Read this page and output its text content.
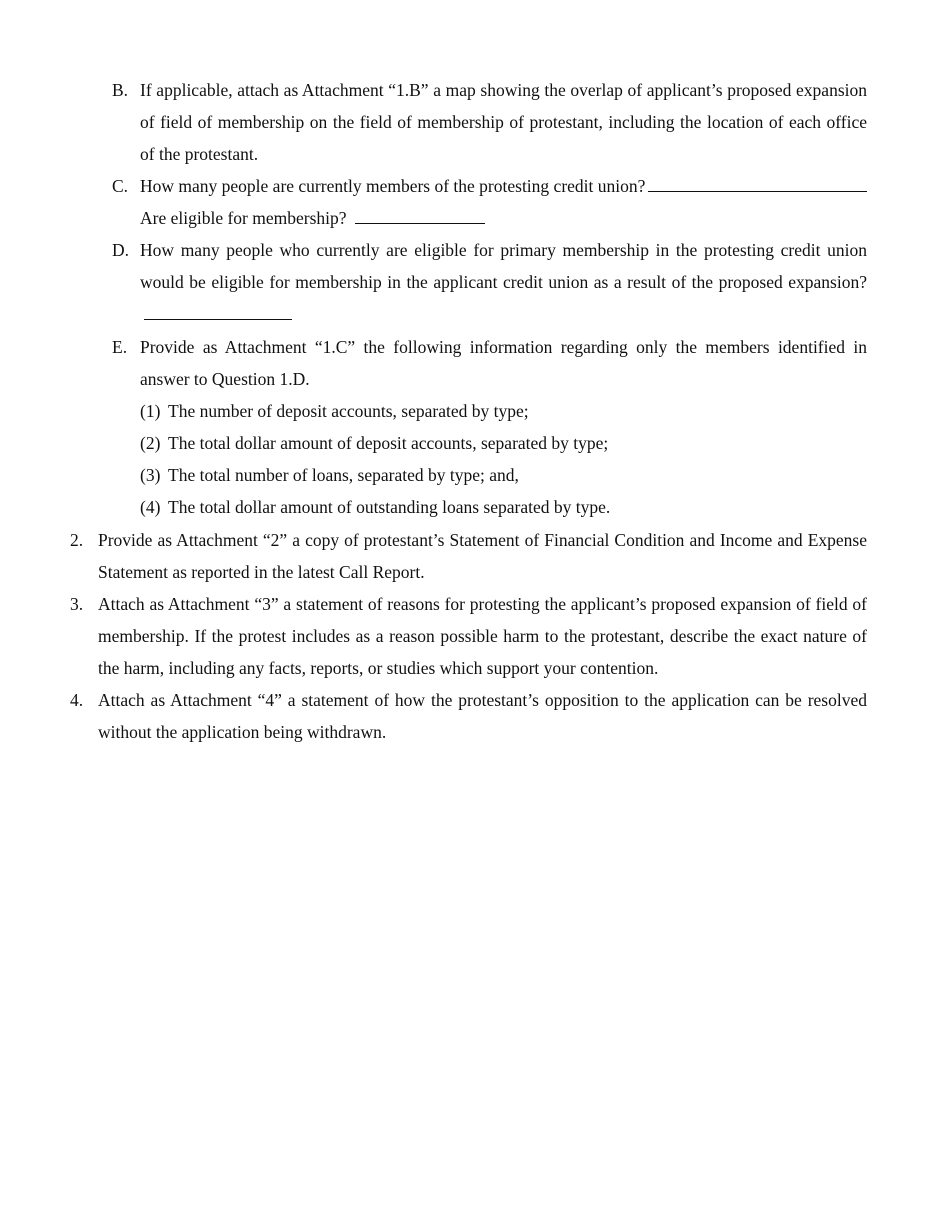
B. If applicable, attach as Attachment “1.B” a map showing the overlap of applicant’s proposed expansion of field of membership on the field of membership of protestant, including the location of each office of the protestant.
C. How many people are currently members of the protesting credit union?
Are eligible for membership?
D. How many people who currently are eligible for primary membership in the protesting credit union would be eligible for membership in the applicant credit union as a result of the proposed expansion?
E. Provide as Attachment “1.C” the following information regarding only the members identified in answer to Question 1.D.
(1) The number of deposit accounts, separated by type;
(2) The total dollar amount of deposit accounts, separated by type;
(3) The total number of loans, separated by type; and,
(4) The total dollar amount of outstanding loans separated by type.
2. Provide as Attachment “2” a copy of protestant’s Statement of Financial Condition and Income and Expense Statement as reported in the latest Call Report.
3. Attach as Attachment “3” a statement of reasons for protesting the applicant’s proposed expansion of field of membership. If the protest includes as a reason possible harm to the protestant, describe the exact nature of the harm, including any facts, reports, or studies which support your contention.
4. Attach as Attachment “4” a statement of how the protestant’s opposition to the application can be resolved without the application being withdrawn.
